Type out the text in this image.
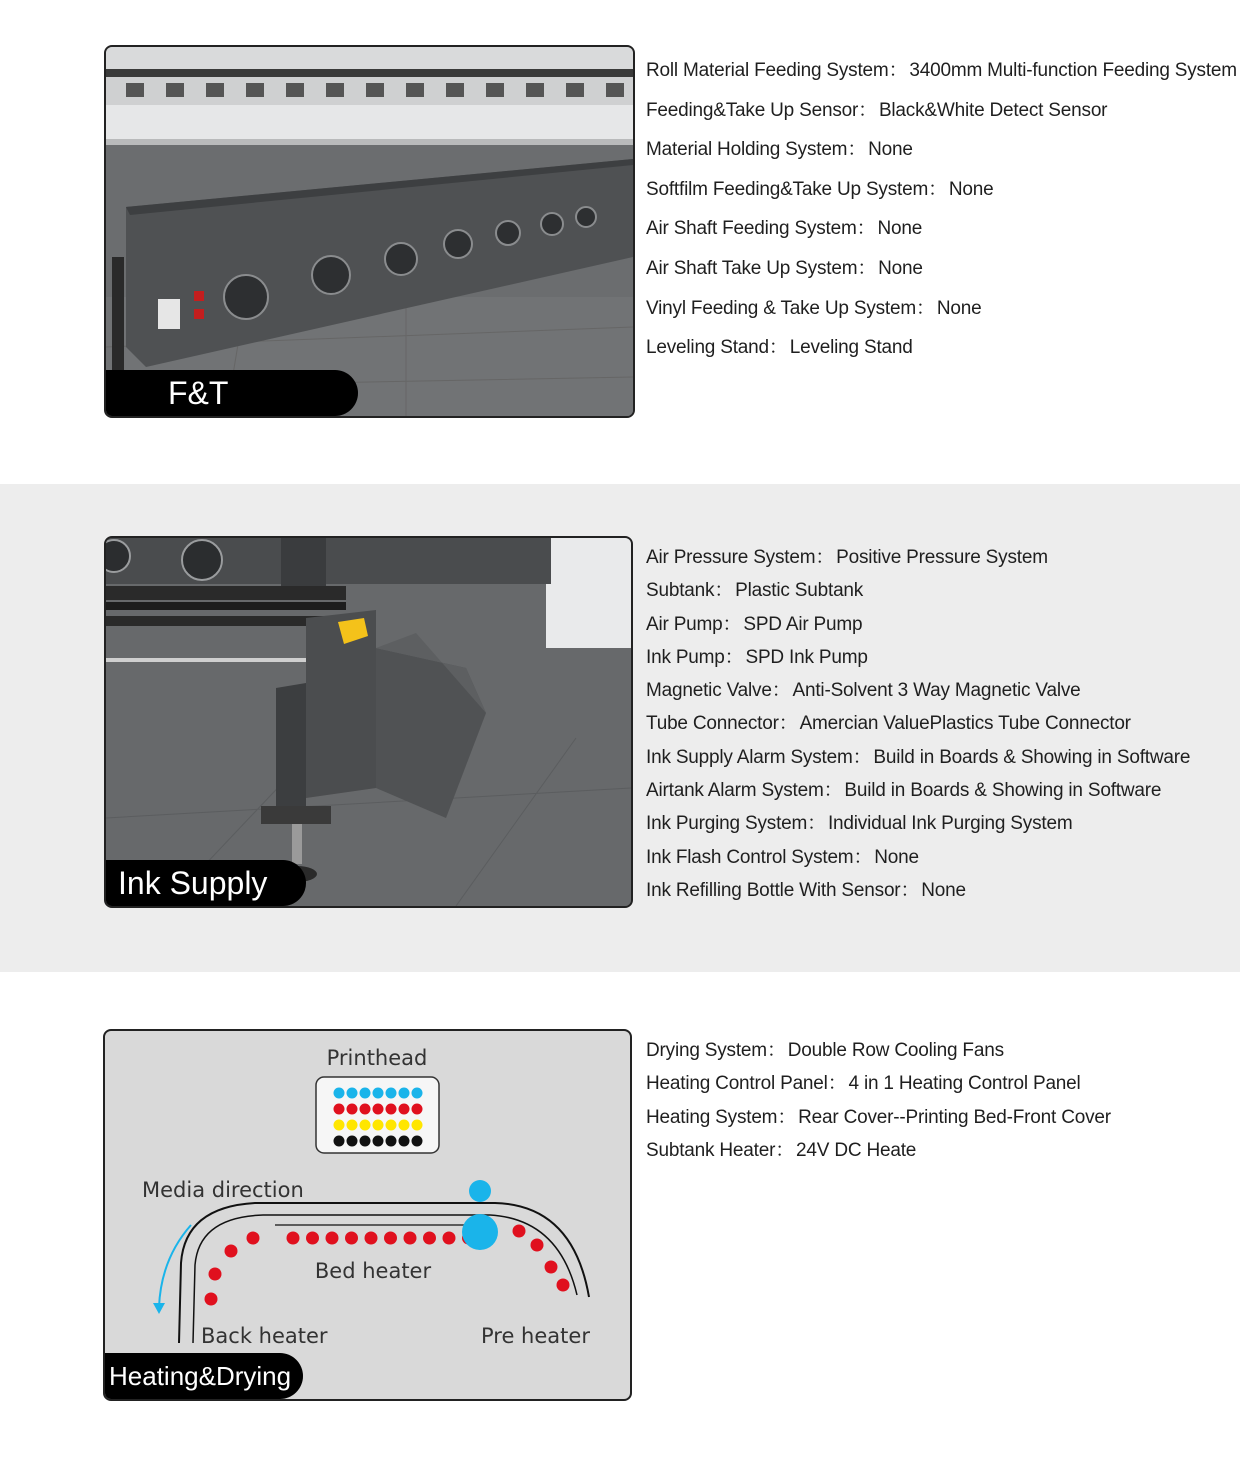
F&T
Roll Material Feeding System： 3400mm Multi-function Feeding System
Feeding&Take Up Sensor： Black&White Detect Sensor
Material Holding System： None
Softfilm Feeding&Take Up System： None
Air Shaft Feeding System： None
Air Shaft Take Up System： None
Vinyl Feeding & Take Up System： None
Leveling Stand： Leveling Stand
Ink Supply
Air Pressure System： Positive Pressure System
Subtank： Plastic Subtank
Air Pump： SPD Air Pump
Ink Pump： SPD Ink Pump
Magnetic Valve： Anti-Solvent 3 Way Magnetic Valve
Tube Connector： Amercian ValuePlastics Tube Connector
Ink Supply Alarm System： Build in Boards & Showing in Software
Airtank Alarm System： Build in Boards & Showing in Software
Ink Purging System： Individual Ink Purging System
Ink Flash Control System： None
Ink Refilling Bottle With Sensor： None
Printhead
Media direction
Bed heater
Back heater	Pre heater
Heating&Drying
Drying System： Double Row Cooling Fans
Heating Control Panel： 4 in 1 Heating Control Panel
Heating System： Rear Cover--Printing Bed-Front Cover
Subtank Heater： 24V DC Heate
